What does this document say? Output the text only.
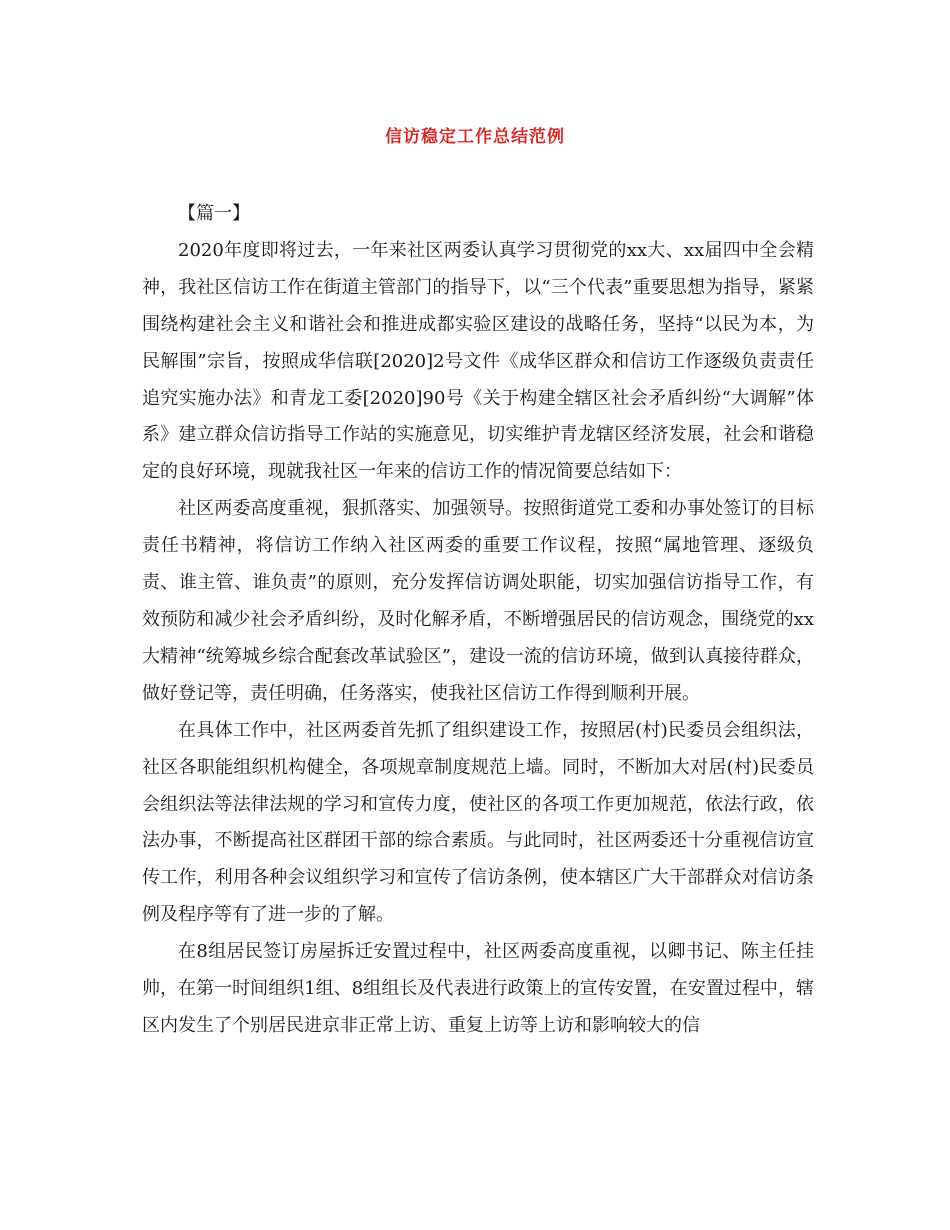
信访稳定工作总结范例

【篇一】

2020年度即将过去，一年来社区两委认真学习贯彻党的xx大、xx届四中全会精神，我社区信访工作在街道主管部门的指导下，以“三个代表”重要思想为指导，紧紧围绕构建社会主义和谐社会和推进成都实验区建设的战略任务，坚持“以民为本，为民解围”宗旨，按照成华信联[2020]2号文件《成华区群众和信访工作逐级负责责任追究实施办法》和青龙工委[2020]90号《关于构建全辖区社会矛盾纠纷“大调解”体系》建立群众信访指导工作站的实施意见，切实维护青龙辖区经济发展，社会和谐稳定的良好环境，现就我社区一年来的信访工作的情况简要总结如下：

社区两委高度重视，狠抓落实、加强领导。按照街道党工委和办事处签订的目标责任书精神，将信访工作纳入社区两委的重要工作议程，按照“属地管理、逐级负责、谁主管、谁负责”的原则，充分发挥信访调处职能，切实加强信访指导工作，有效预防和减少社会矛盾纠纷，及时化解矛盾，不断增强居民的信访观念，围绕党的xx大精神“统筹城乡综合配套改革试验区”，建设一流的信访环境，做到认真接待群众，做好登记等，责任明确，任务落实，使我社区信访工作得到顺利开展。

在具体工作中，社区两委首先抓了组织建设工作，按照居(村)民委员会组织法，社区各职能组织机构健全，各项规章制度规范上墙。同时，不断加大对居(村)民委员会组织法等法律法规的学习和宣传力度，使社区的各项工作更加规范，依法行政，依法办事，不断提高社区群团干部的综合素质。与此同时，社区两委还十分重视信访宣传工作，利用各种会议组织学习和宣传了信访条例，使本辖区广大干部群众对信访条例及程序等有了进一步的了解。

在8组居民签订房屋拆迁安置过程中，社区两委高度重视，以卿书记、陈主任挂帅，在第一时间组织1组、8组组长及代表进行政策上的宣传安置，在安置过程中，辖区内发生了个别居民进京非正常上访、重复上访等上访和影响较大的信
